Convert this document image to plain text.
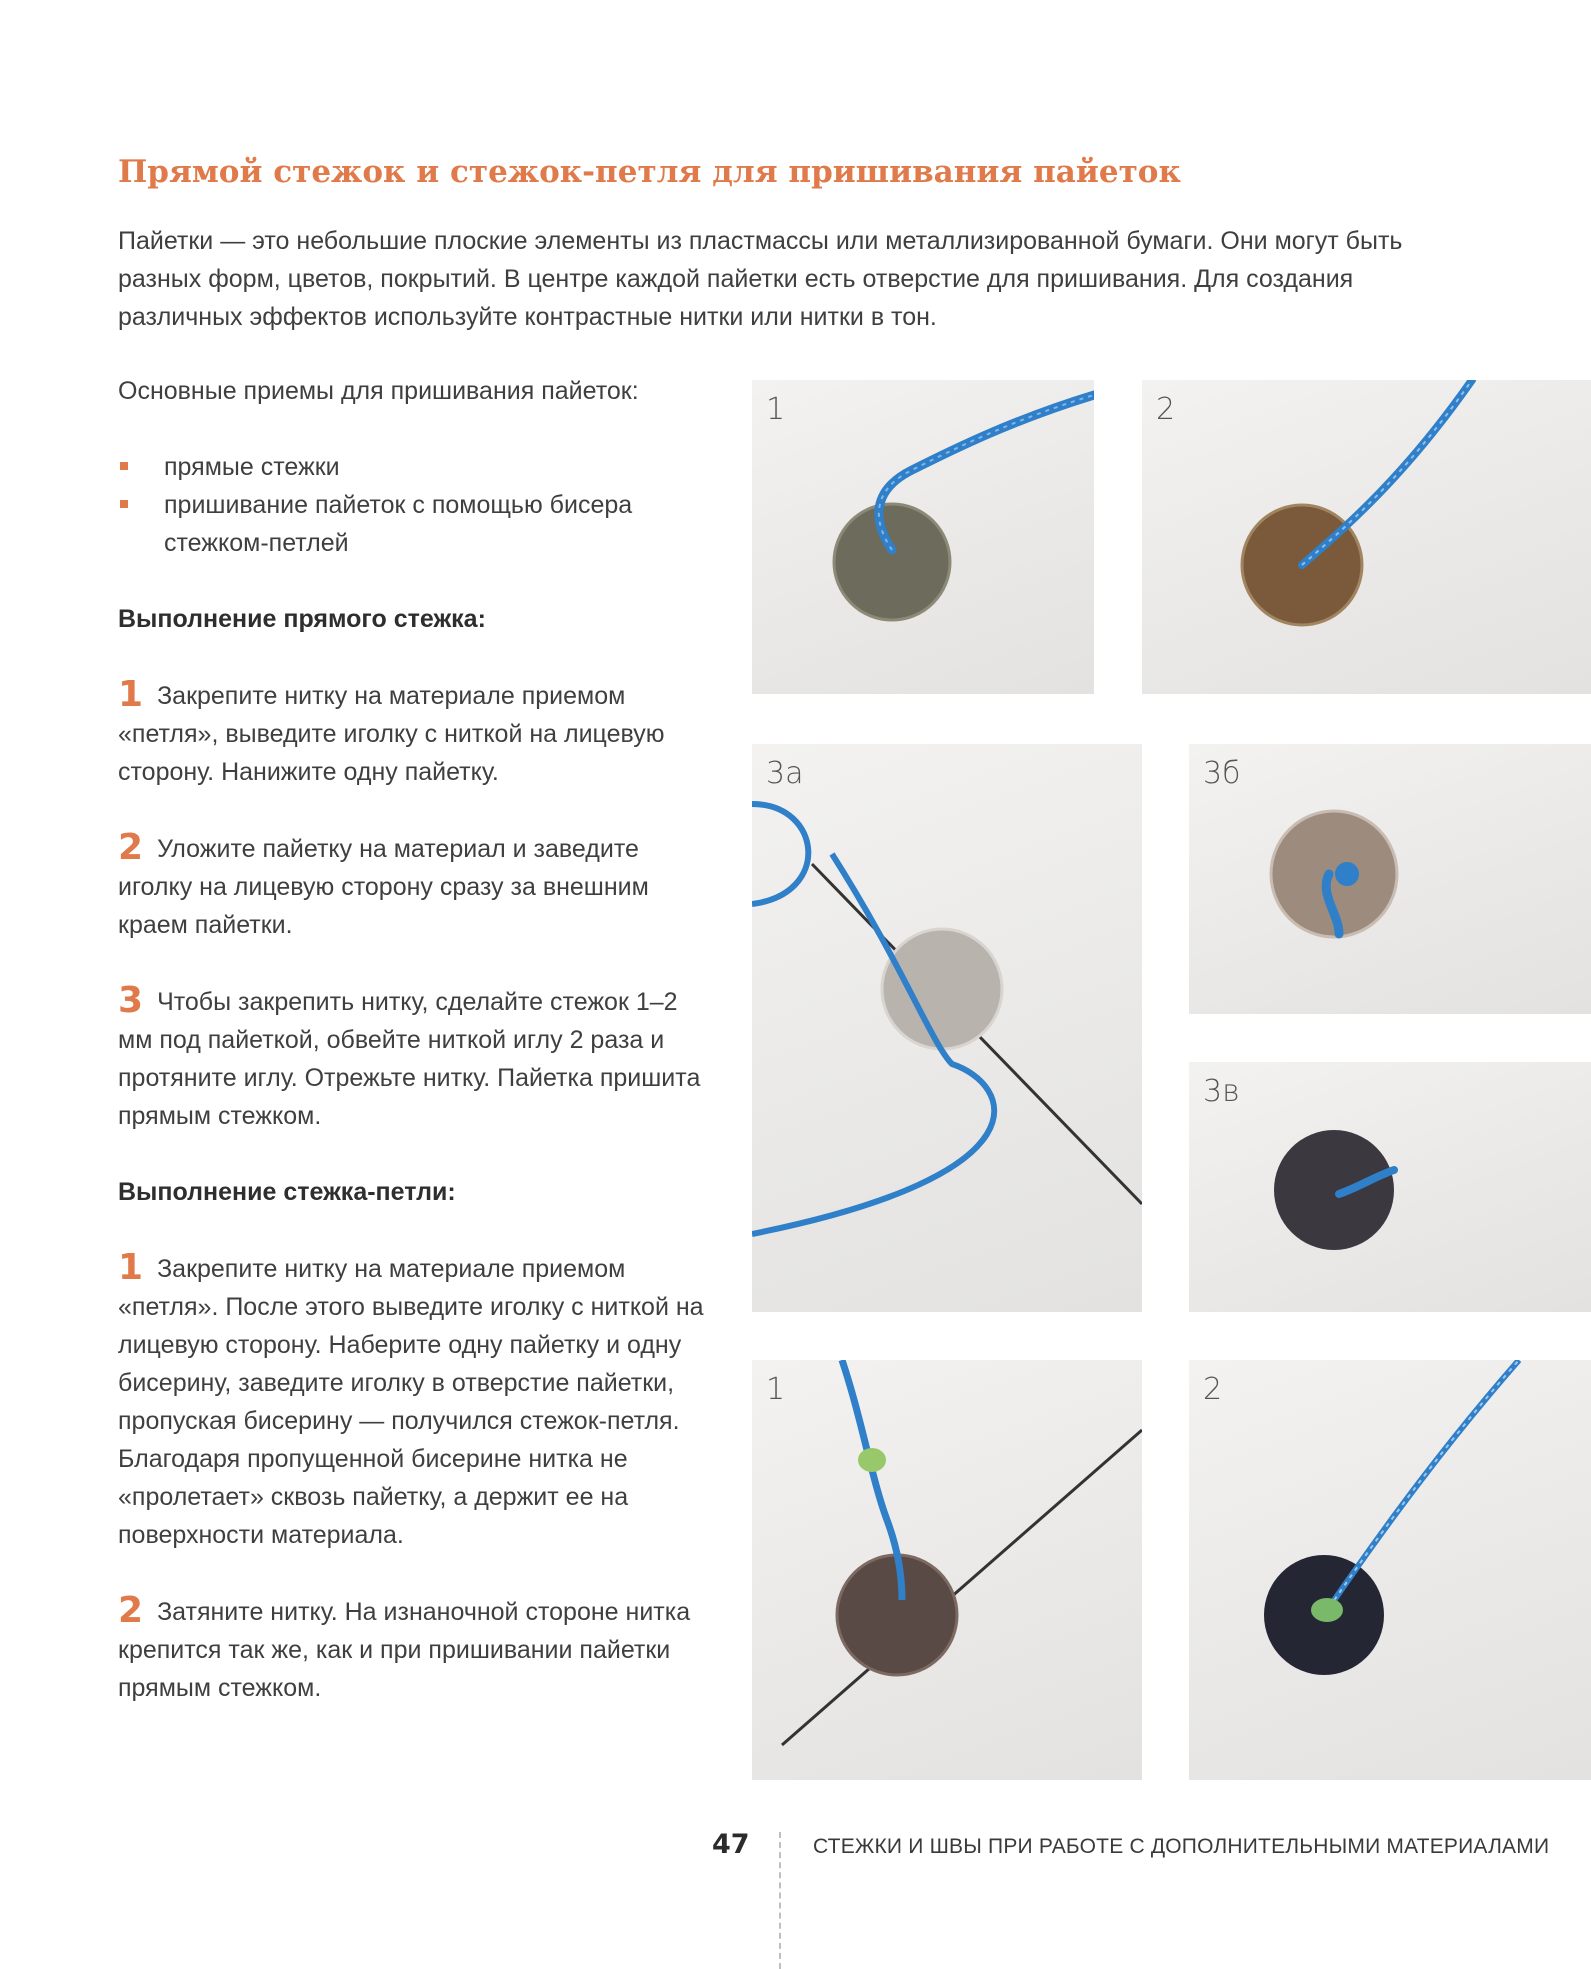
Прямой стежок и стежок-петля для пришивания пайеток

Пайетки — это небольшие плоские элементы из пластмассы или металлизированной бумаги. Они могут быть разных форм, цветов, покрытий. В центре каждой пайетки есть отверстие для пришивания. Для создания различных эффектов используйте контрастные нитки или нитки в тон.

Основные приемы для пришивания пайеток:

прямые стежки
пришивание пайеток с помощью бисера стежком-петлей

Выполнение прямого стежка:

1 Закрепите нитку на материале приемом «петля», выведите иголку с ниткой на лицевую сторону. Нанижите одну пайетку.

2 Уложите пайетку на материал и заведите иголку на лицевую сторону сразу за внешним краем пайетки.

3 Чтобы закрепить нитку, сделайте стежок 1–2 мм под пайеткой, обвейте ниткой иглу 2 раза и протяните иглу. Отрежьте нитку. Пайетка пришита прямым стежком.

Выполнение стежка-петли:

1 Закрепите нитку на материале приемом «петля». После этого выведите иголку с ниткой на лицевую сторону. Наберите одну пайетку и одну бисерину, заведите иголку в отверстие пайетки, пропуская бисерину — получился стежок-петля. Благодаря пропущенной бисерине нитка не «пролетает» сквозь пайетку, а держит ее на поверхности материала.

2 Затяните нитку. На изнаночной стороне нитка крепится так же, как и при пришивании пайетки прямым стежком.

1	2
3а	3б
3в
1	2
47	СТЕЖКИ И ШВЫ ПРИ РАБОТЕ С ДОПОЛНИТЕЛЬНЫМИ МАТЕРИАЛАМИ
